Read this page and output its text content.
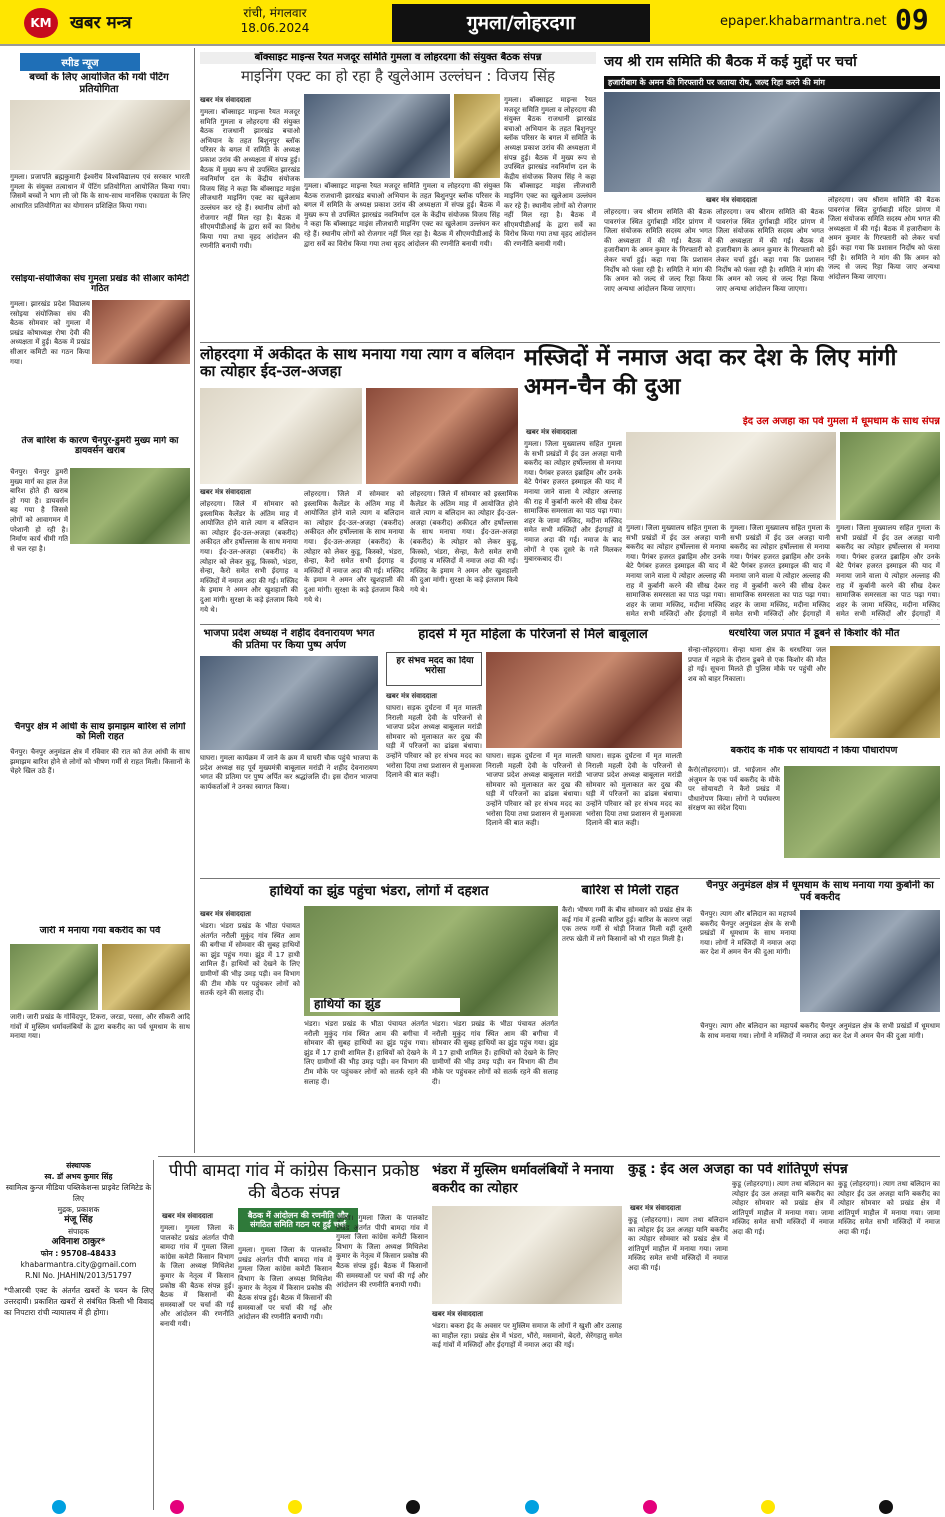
KM	खबर मन्त्र	रांची, मंगलवार
18.06.2024	गुमला/लोहरदगा	epaper.khabarmantra.net 09
स्पीड न्यूज
बच्चों के लिए आयोजित की गयी पेंटिंग प्रतियोगिता
गुमला। प्रजापति ब्रह्मकुमारी ईश्वरीय विश्वविद्यालय एवं सरकार भारती गुमला के संयुक्त तत्वाधान में पेंटिंग प्रतियोगिता आयोजित किया गया। जिसमें बच्चों ने भाग ली जो कि के साथ-साथ मानसिक एकाग्रता के लिए आधारित प्रतियोगिता का योगासन प्रशिक्षित किया गया।
रसोइया-संयोजिका संघ गुमला प्रखंड की सीआर कमिटी गठित
गुमला। झारखंड प्रदेश विद्यालय रसोइया संयोजिका संघ की बैठक सोमवार को गुमला में प्रखंड कोषाध्यक्ष रोषा देवी की अध्यक्षता में हुई। बैठक में प्रखंड सीआर कमिटी का गठन किया गया।
तेज बारिश के कारण चैनपुर-डुमरी मुख्य मार्ग का डायवर्सन खराब
चैनपुर। चैनपुर डुमरी मुख्य मार्ग का हाल तेज बारिश होते ही खराब हो गया है। डायवर्सन बह गया है जिससे लोगों को आवागमन में परेशानी हो रही है। निर्माण कार्य धीमी गति से चल रहा है।
चैनपुर क्षेत्र में आंधी के साथ झमाझम बारिश से लोगों को मिली राहत
चैनपुर। चैनपुर अनुमंडल क्षेत्र में रविवार की रात को तेज आंधी के साथ झमाझम बारिश होने से लोगों को भीषण गर्मी से राहत मिली। किसानों के चेहरे खिल उठे हैं।
जारी में मनाया गया बकरीद का पर्व
जारी। जारी प्रखंड के गोविंदपुर, टिकरा, जरडा, परसा, और सीकरी आदि गांवों में मुस्लिम धर्मावलंबियों के द्वारा बकरीद का पर्व धूमधाम के साथ मनाया गया।
संस्थापक
स्व. डॉ अभय कुमार सिंह
स्वामित्व कुन्ज मीडिया पब्लिकेशन्स प्राइवेट लिमिटेड के लिए
मुद्रक, प्रकाशक
मंजू सिंह
संपादक
अविनाश ठाकुर*
फोन : 95708-48433
khabarmantra.city@gmail.com
R.NI No. JHAHIN/2013/51797
*पीआरबी एक्ट के अंतर्गत खबरों के चयन के लिए उत्तरदायी। प्रकाशित खबरों से संबंधित किसी भी विवाद का निपटारा रांची न्यायालय में ही होगा।
बॉक्साइट माइन्स रैयत मजदूर समिति गुमला व लोहरदगा की संयुक्त बैठक संपन्न
माइनिंग एक्ट का हो रहा है खुलेआम उल्लंघन : विजय सिंह
खबर मंत्र संवाददाता
गुमला। बॉक्साइट माइन्स रैयत मजदूर समिति गुमला व लोहरदगा की संयुक्त बैठक राजधानी झारखंड बचाओ अभियान के तहत बिशुनपुर ब्लॉक परिसर के बगल में समिति के अध्यक्ष प्रकाश उरांव की अध्यक्षता में संपन्न हुई। बैठक में मुख्य रूप से उपस्थित झारखंड नवनिर्माण दल के केंद्रीय संयोजक विजय सिंह ने कहा कि बॉक्साइट माइंस लीजधारी माइनिंग एक्ट का खुलेआम उल्लंघन कर रहे हैं। स्थानीय लोगों को रोजगार नहीं मिल रहा है। बैठक में सीएमपीडीआई के द्वारा सर्वे का विरोध किया गया तथा वृहद आंदोलन की रणनीति बनायी गयी।
गुमला। बॉक्साइट माइन्स रैयत मजदूर समिति गुमला व लोहरदगा की संयुक्त बैठक राजधानी झारखंड बचाओ अभियान के तहत बिशुनपुर ब्लॉक परिसर के बगल में समिति के अध्यक्ष प्रकाश उरांव की अध्यक्षता में संपन्न हुई। बैठक में मुख्य रूप से उपस्थित झारखंड नवनिर्माण दल के केंद्रीय संयोजक विजय सिंह ने कहा कि बॉक्साइट माइंस लीजधारी माइनिंग एक्ट का खुलेआम उल्लंघन कर रहे हैं। स्थानीय लोगों को रोजगार नहीं मिल रहा है। बैठक में सीएमपीडीआई के द्वारा सर्वे का विरोध किया गया तथा वृहद आंदोलन की रणनीति बनायी गयी।
गुमला। बॉक्साइट माइन्स रैयत मजदूर समिति गुमला व लोहरदगा की संयुक्त बैठक राजधानी झारखंड बचाओ अभियान के तहत बिशुनपुर ब्लॉक परिसर के बगल में समिति के अध्यक्ष प्रकाश उरांव की अध्यक्षता में संपन्न हुई। बैठक में मुख्य रूप से उपस्थित झारखंड नवनिर्माण दल के केंद्रीय संयोजक विजय सिंह ने कहा कि बॉक्साइट माइंस लीजधारी माइनिंग एक्ट का खुलेआम उल्लंघन कर रहे हैं। स्थानीय लोगों को रोजगार नहीं मिल रहा है। बैठक में सीएमपीडीआई के द्वारा सर्वे का विरोध किया गया तथा वृहद आंदोलन की रणनीति बनायी गयी।
जय श्री राम समिति की बैठक में कई मुद्दों पर चर्चा
हजारीबाग के अमन की गिरफ्तारी पर जताया रोष, जल्द रिहा करने की मांग
खबर मंत्र संवाददाता
लोहरदगा। जय श्रीराम समिति की बैठक पावरगंज स्थित दुर्गाबाड़ी मंदिर प्रांगण में जिला संयोजक समिति सदस्य ओम भगत की अध्यक्षता में की गई। बैठक में हजारीबाग के अमन कुमार के गिरफ्तारी को लेकर चर्चा हुई। कहा गया कि प्रशासन निर्दोष को फंसा रही है। समिति ने मांग की कि अमन को जल्द से जल्द रिहा किया जाए अन्यथा आंदोलन किया जाएगा।
लोहरदगा। जय श्रीराम समिति की बैठक पावरगंज स्थित दुर्गाबाड़ी मंदिर प्रांगण में जिला संयोजक समिति सदस्य ओम भगत की अध्यक्षता में की गई। बैठक में हजारीबाग के अमन कुमार के गिरफ्तारी को लेकर चर्चा हुई। कहा गया कि प्रशासन निर्दोष को फंसा रही है। समिति ने मांग की कि अमन को जल्द से जल्द रिहा किया जाए अन्यथा आंदोलन किया जाएगा।
लोहरदगा। जय श्रीराम समिति की बैठक पावरगंज स्थित दुर्गाबाड़ी मंदिर प्रांगण में जिला संयोजक समिति सदस्य ओम भगत की अध्यक्षता में की गई। बैठक में हजारीबाग के अमन कुमार के गिरफ्तारी को लेकर चर्चा हुई। कहा गया कि प्रशासन निर्दोष को फंसा रही है। समिति ने मांग की कि अमन को जल्द से जल्द रिहा किया जाए अन्यथा आंदोलन किया जाएगा।
लोहरदगा में अकीदत के साथ मनाया गया त्याग व बलिदान का त्योहार ईद-उल-अजहा
खबर मंत्र संवाददाता
लोहरदगा। जिले में सोमवार को इस्लामिक कैलेंडर के अंतिम माह में आयोजित होने वाले त्याग व बलिदान का त्योहार ईद-उल-अजहा (बकरीद) अकीदत और हर्षोल्लास के साथ मनाया गया। ईद-उल-अजहा (बकरीद) के त्योहार को लेकर कुडू, किस्को, भंडरा, सेन्हा, कैरो समेत सभी ईदगाह व मस्जिदों में नमाज अदा की गई। मस्जिद के इमाम ने अमन और खुशहाली की दुआ मांगी। सुरक्षा के कड़े इंतजाम किये गये थे।
लोहरदगा। जिले में सोमवार को इस्लामिक कैलेंडर के अंतिम माह में आयोजित होने वाले त्याग व बलिदान का त्योहार ईद-उल-अजहा (बकरीद) अकीदत और हर्षोल्लास के साथ मनाया गया। ईद-उल-अजहा (बकरीद) के त्योहार को लेकर कुडू, किस्को, भंडरा, सेन्हा, कैरो समेत सभी ईदगाह व मस्जिदों में नमाज अदा की गई। मस्जिद के इमाम ने अमन और खुशहाली की दुआ मांगी। सुरक्षा के कड़े इंतजाम किये गये थे।
लोहरदगा। जिले में सोमवार को इस्लामिक कैलेंडर के अंतिम माह में आयोजित होने वाले त्याग व बलिदान का त्योहार ईद-उल-अजहा (बकरीद) अकीदत और हर्षोल्लास के साथ मनाया गया। ईद-उल-अजहा (बकरीद) के त्योहार को लेकर कुडू, किस्को, भंडरा, सेन्हा, कैरो समेत सभी ईदगाह व मस्जिदों में नमाज अदा की गई। मस्जिद के इमाम ने अमन और खुशहाली की दुआ मांगी। सुरक्षा के कड़े इंतजाम किये गये थे।
मस्जिदों में नमाज अदा कर देश के लिए मांगी अमन-चैन की दुआ
ईद उल अजहा का पर्व गुमला में धूमधाम के साथ संपन्न
खबर मंत्र संवाददाता
गुमला। जिला मुख्यालय सहित गुमला के सभी प्रखंडों में ईद उल अजहा यानी बकरीद का त्योहार हर्षोल्लास से मनाया गया। पैगंबर हजरत इब्राहिम और उनके बेटे पैगंबर हजरत इस्माइल की याद में मनाया जाने वाला ये त्योहार अल्लाह की राह में कुर्बानी करने की सीख देकर सामाजिक समरसता का पाठ पढ़ा गया। शहर के जामा मस्जिद, मदीना मस्जिद समेत सभी मस्जिदों और ईदगाहों में नमाज अदा की गई। नमाज के बाद लोगों ने एक दूसरे के गले मिलकर मुबारकबाद दी।
गुमला। जिला मुख्यालय सहित गुमला के सभी प्रखंडों में ईद उल अजहा यानी बकरीद का त्योहार हर्षोल्लास से मनाया गया। पैगंबर हजरत इब्राहिम और उनके बेटे पैगंबर हजरत इस्माइल की याद में मनाया जाने वाला ये त्योहार अल्लाह की राह में कुर्बानी करने की सीख देकर सामाजिक समरसता का पाठ पढ़ा गया। शहर के जामा मस्जिद, मदीना मस्जिद समेत सभी मस्जिदों और ईदगाहों में
गुमला। जिला मुख्यालय सहित गुमला के सभी प्रखंडों में ईद उल अजहा यानी बकरीद का त्योहार हर्षोल्लास से मनाया गया। पैगंबर हजरत इब्राहिम और उनके बेटे पैगंबर हजरत इस्माइल की याद में मनाया जाने वाला ये त्योहार अल्लाह की राह में कुर्बानी करने की सीख देकर सामाजिक समरसता का पाठ पढ़ा गया। शहर के जामा मस्जिद, मदीना मस्जिद समेत सभी मस्जिदों और ईदगाहों में
गुमला। जिला मुख्यालय सहित गुमला के सभी प्रखंडों में ईद उल अजहा यानी बकरीद का त्योहार हर्षोल्लास से मनाया गया। पैगंबर हजरत इब्राहिम और उनके बेटे पैगंबर हजरत इस्माइल की याद में मनाया जाने वाला ये त्योहार अल्लाह की राह में कुर्बानी करने की सीख देकर सामाजिक समरसता का पाठ पढ़ा गया। शहर के जामा मस्जिद, मदीना मस्जिद समेत सभी मस्जिदों और ईदगाहों में
भाजपा प्रदेश अध्यक्ष ने शहीद देवनारायण भगत की प्रतिमा पर किया पुष्प अर्पण
घाघरा। गुमला कार्यक्रम में जाने के क्रम में घाघरी चौक पहुंचे भाजपा के प्रदेश अध्यक्ष सह पूर्व मुख्यमंत्री बाबूलाल मरांडी ने शहीद देवनारायण भगत की प्रतिमा पर पुष्प अर्पित कर श्रद्धांजलि दी। इस दौरान भाजपा कार्यकर्ताओं ने उनका स्वागत किया।
हादसे में मृत महिला के परिजनों से मिले बाबूलाल
हर संभव मदद का दिया भरोसा
खबर मंत्र संवाददाता
घाघरा। सड़क दुर्घटना में मृत मालती निराली महली देवी के परिजनों से भाजपा प्रदेश अध्यक्ष बाबूलाल मरांडी सोमवार को मुलाकात कर दुख की घड़ी में परिजनों का ढांढस बंधाया। उन्होंने परिवार को हर संभव मदद का भरोसा दिया तथा प्रशासन से मुआवजा दिलाने की बात कही।
घाघरा। सड़क दुर्घटना में मृत मालती निराली महली देवी के परिजनों से भाजपा प्रदेश अध्यक्ष बाबूलाल मरांडी सोमवार को मुलाकात कर दुख की घड़ी में परिजनों का ढांढस बंधाया। उन्होंने परिवार को हर संभव मदद का भरोसा दिया तथा प्रशासन से मुआवजा दिलाने की बात कही।
घाघरा। सड़क दुर्घटना में मृत मालती निराली महली देवी के परिजनों से भाजपा प्रदेश अध्यक्ष बाबूलाल मरांडी सोमवार को मुलाकात कर दुख की घड़ी में परिजनों का ढांढस बंधाया। उन्होंने परिवार को हर संभव मदद का भरोसा दिया तथा प्रशासन से मुआवजा दिलाने की बात कही।
धरधरिया जल प्रपात में डूबने से किशोर की मौत
सेन्हा-लोहरदगा। सेन्हा थाना क्षेत्र के धरधरिया जल प्रपात में नहाने के दौरान डूबने से एक किशोर की मौत हो गई। सूचना मिलते ही पुलिस मौके पर पहुंची और शव को बाहर निकाला।
बकरीद के मौके पर सोयायटी ने किया पौधारोपण
कैरो(लोहरदगा)। प्रो. भाईजान और अंजुमन के एक पर्व बकरीद के मौके पर सोयायटी ने कैरो प्रखंड में पौधारोपण किया। लोगों ने पर्यावरण संरक्षण का संदेश दिया।
हाथियों का झुंड पहुंचा भंडरा, लोगों में दहशत
खबर मंत्र संवाददाता
हाथियों का झुंड
भंडरा। भंडरा प्रखंड के भीठा पंचायत अंतर्गत नरौली मुकुंद गांव स्थित आम की बगीचा में सोमवार की सुबह हाथियों का झुंड पहुंच गया। झुंड में 17 हाथी शामिल हैं। हाथियों को देखने के लिए ग्रामीणों की भीड़ उमड़ पड़ी। वन विभाग की टीम मौके पर पहुंचकर लोगों को सतर्क रहने की सलाह दी।
भंडरा। भंडरा प्रखंड के भीठा पंचायत अंतर्गत नरौली मुकुंद गांव स्थित आम की बगीचा में सोमवार की सुबह हाथियों का झुंड पहुंच गया। झुंड में 17 हाथी शामिल हैं। हाथियों को देखने के लिए ग्रामीणों की भीड़ उमड़ पड़ी। वन विभाग की टीम मौके पर पहुंचकर लोगों को सतर्क रहने की सलाह दी।
भंडरा। भंडरा प्रखंड के भीठा पंचायत अंतर्गत नरौली मुकुंद गांव स्थित आम की बगीचा में सोमवार की सुबह हाथियों का झुंड पहुंच गया। झुंड में 17 हाथी शामिल हैं। हाथियों को देखने के लिए ग्रामीणों की भीड़ उमड़ पड़ी। वन विभाग की टीम मौके पर पहुंचकर लोगों को सतर्क रहने की सलाह दी।
बारिश से मिली राहत
कैरो। भीषण गर्मी के बीच सोमवार को प्रखंड क्षेत्र के कई गांव में हल्की बारिश हुई। बारिश के कारण जहां एक तरफ गर्मी से थोड़ी निजात मिली वहीं दूसरी तरफ खेती में लगे किसानों को भी राहत मिली है।
चैनपुर अनुमंडल क्षेत्र में धूमधाम के साथ मनाया गया कुर्बानी का पर्व बकरीद
चैनपुर। त्याग और बलिदान का महापर्व बकरीद चैनपुर अनुमंडल क्षेत्र के सभी प्रखंडों में धूमधाम के साथ मनाया गया। लोगों ने मस्जिदों में नमाज अदा कर देश में अमन चैन की दुआ मांगी।
चैनपुर। त्याग और बलिदान का महापर्व बकरीद चैनपुर अनुमंडल क्षेत्र के सभी प्रखंडों में धूमधाम के साथ मनाया गया। लोगों ने मस्जिदों में नमाज अदा कर देश में अमन चैन की दुआ मांगी।
पीपी बामदा गांव में कांग्रेस किसान प्रकोष्ठ की बैठक संपन्न
खबर मंत्र संवाददाता	बैठक में आंदोलन की रणनीति और संगठित समिति गठन पर हुई चर्चा
गुमला। गुमला जिला के पालकोट प्रखंड अंतर्गत पीपी बामदा गांव में गुमला जिला कांग्रेस कमेटी किसान विभाग के जिला अध्यक्ष मिथिलेश कुमार के नेतृत्व में किसान प्रकोष्ठ की बैठक संपन्न हुई। बैठक में किसानों की समस्याओं पर चर्चा की गई और आंदोलन की रणनीति बनायी गयी।
गुमला। गुमला जिला के पालकोट प्रखंड अंतर्गत पीपी बामदा गांव में गुमला जिला कांग्रेस कमेटी किसान विभाग के जिला अध्यक्ष मिथिलेश कुमार के नेतृत्व में किसान प्रकोष्ठ की बैठक संपन्न हुई। बैठक में किसानों की समस्याओं पर चर्चा की गई और आंदोलन की रणनीति बनायी गयी।
गुमला। गुमला जिला के पालकोट प्रखंड अंतर्गत पीपी बामदा गांव में गुमला जिला कांग्रेस कमेटी किसान विभाग के जिला अध्यक्ष मिथिलेश कुमार के नेतृत्व में किसान प्रकोष्ठ की बैठक संपन्न हुई। बैठक में किसानों की समस्याओं पर चर्चा की गई और आंदोलन की रणनीति बनायी गयी।
भंडरा में मुस्लिम धर्मावलंबियों ने मनाया बकरीद का त्योहार
खबर मंत्र संवाददाता
भंडरा। बकरा ईद के अवसर पर मुस्लिम समाज के लोगों ने खुशी और उत्साह का माहौल रहा। प्रखंड क्षेत्र में भंडरा, भौंरो, मसमानो, बेदरो, सेरेंगहातु समेत कई गांवों में मस्जिदों और ईदगाहों में नमाज अदा की गई।
कुडू : ईद अल अजहा का पर्व शांतिपूर्ण संपन्न
खबर मंत्र संवाददाता
कुडू (लोहरदगा)। त्याग तथा बलिदान का त्योहार ईद उल अजहा यानि बकरीद का त्योहार सोमवार को प्रखंड क्षेत्र में शांतिपूर्ण माहौल में मनाया गया। जामा मस्जिद समेत सभी मस्जिदों में नमाज अदा की गई।
कुडू (लोहरदगा)। त्याग तथा बलिदान का त्योहार ईद उल अजहा यानि बकरीद का त्योहार सोमवार को प्रखंड क्षेत्र में शांतिपूर्ण माहौल में मनाया गया। जामा मस्जिद समेत सभी मस्जिदों में नमाज अदा की गई।
कुडू (लोहरदगा)। त्याग तथा बलिदान का त्योहार ईद उल अजहा यानि बकरीद का त्योहार सोमवार को प्रखंड क्षेत्र में शांतिपूर्ण माहौल में मनाया गया। जामा मस्जिद समेत सभी मस्जिदों में नमाज अदा की गई।
